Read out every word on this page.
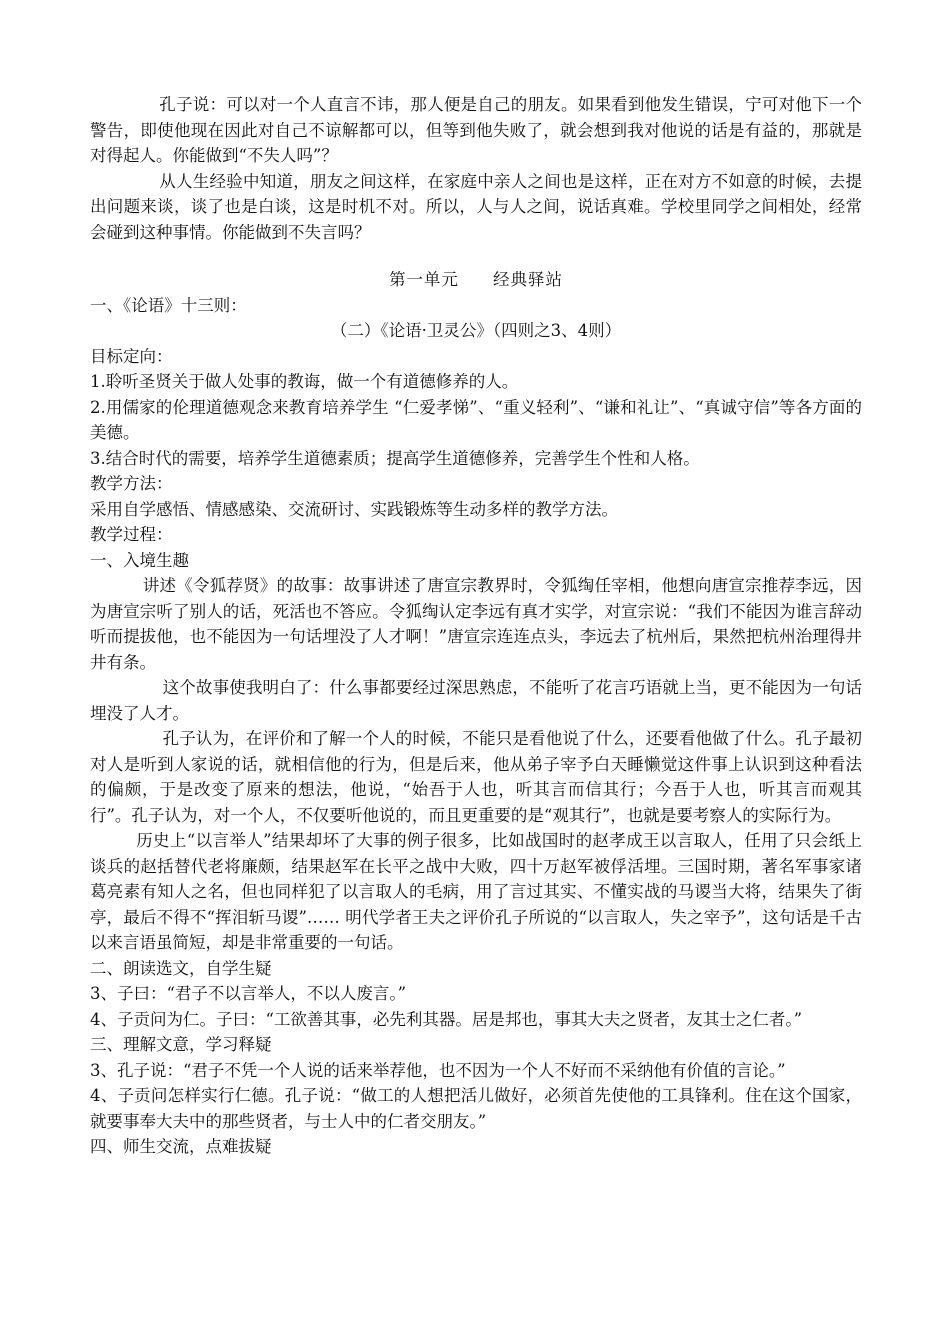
孔子说：可以对一个人直言不讳，那人便是自己的朋友。如果看到他发生错误，宁可对他下一个警告，即使他现在因此对自己不谅解都可以，但等到他失败了，就会想到我对他说的话是有益的，那就是对得起人。你能做到“不失人吗”？

从人生经验中知道，朋友之间这样，在家庭中亲人之间也是这样，正在对方不如意的时候，去提出问题来谈，谈了也是白谈，这是时机不对。所以，人与人之间，说话真难。学校里同学之间相处，经常会碰到这种事情。你能做到不失言吗？

第一单元 经典驿站

一、《论语》十三则：

（二）《论语·卫灵公》（四则之3、4则）

目标定向：

1.聆听圣贤关于做人处事的教诲，做一个有道德修养的人。

2.用儒家的伦理道德观念来教育培养学生 “仁爱孝悌”、“重义轻利”、“谦和礼让”、“真诚守信”等各方面的美德。

3.结合时代的需要，培养学生道德素质；提高学生道德修养，完善学生个性和人格。

教学方法：

采用自学感悟、情感感染、交流研讨、实践锻炼等生动多样的教学方法。

教学过程：

一、入境生趣

讲述《令狐荐贤》的故事：故事讲述了唐宣宗教界时，令狐绹任宰相，他想向唐宣宗推荐李远，因为唐宣宗听了别人的话，死活也不答应。令狐绹认定李远有真才实学，对宣宗说：“我们不能因为谁言辞动听而提拔他，也不能因为一句话埋没了人才啊！”唐宣宗连连点头，李远去了杭州后，果然把杭州治理得井井有条。

这个故事使我明白了：什么事都要经过深思熟虑，不能听了花言巧语就上当，更不能因为一句话埋没了人才。

孔子认为，在评价和了解一个人的时候，不能只是看他说了什么，还要看他做了什么。孔子最初对人是听到人家说的话，就相信他的行为，但是后来，他从弟子宰予白天睡懒觉这件事上认识到这种看法的偏颇，于是改变了原来的想法，他说，“始吾于人也，听其言而信其行；今吾于人也，听其言而观其行”。孔子认为，对一个人，不仅要听他说的，而且更重要的是“观其行”，也就是要考察人的实际行为。

历史上“以言举人”结果却坏了大事的例子很多，比如战国时的赵孝成王以言取人，任用了只会纸上谈兵的赵括替代老将廉颇，结果赵军在长平之战中大败，四十万赵军被俘活埋。三国时期，著名军事家诸葛亮素有知人之名，但也同样犯了以言取人的毛病，用了言过其实、不懂实战的马谡当大将，结果失了街亭，最后不得不“挥泪斩马谡”…… 明代学者王夫之评价孔子所说的“以言取人，失之宰予”，这句话是千古以来言语虽简短，却是非常重要的一句话。

二、朗读选文，自学生疑

3、子曰：“君子不以言举人，不以人废言。”

4、子贡问为仁。子曰：“工欲善其事，必先利其器。居是邦也，事其大夫之贤者，友其士之仁者。”

三、理解文意，学习释疑

3、孔子说：“君子不凭一个人说的话来举荐他，也不因为一个人不好而不采纳他有价值的言论。”

4、子贡问怎样实行仁德。孔子说：“做工的人想把活儿做好，必须首先使他的工具锋利。住在这个国家，就要事奉大夫中的那些贤者，与士人中的仁者交朋友。”

四、师生交流，点难拔疑
